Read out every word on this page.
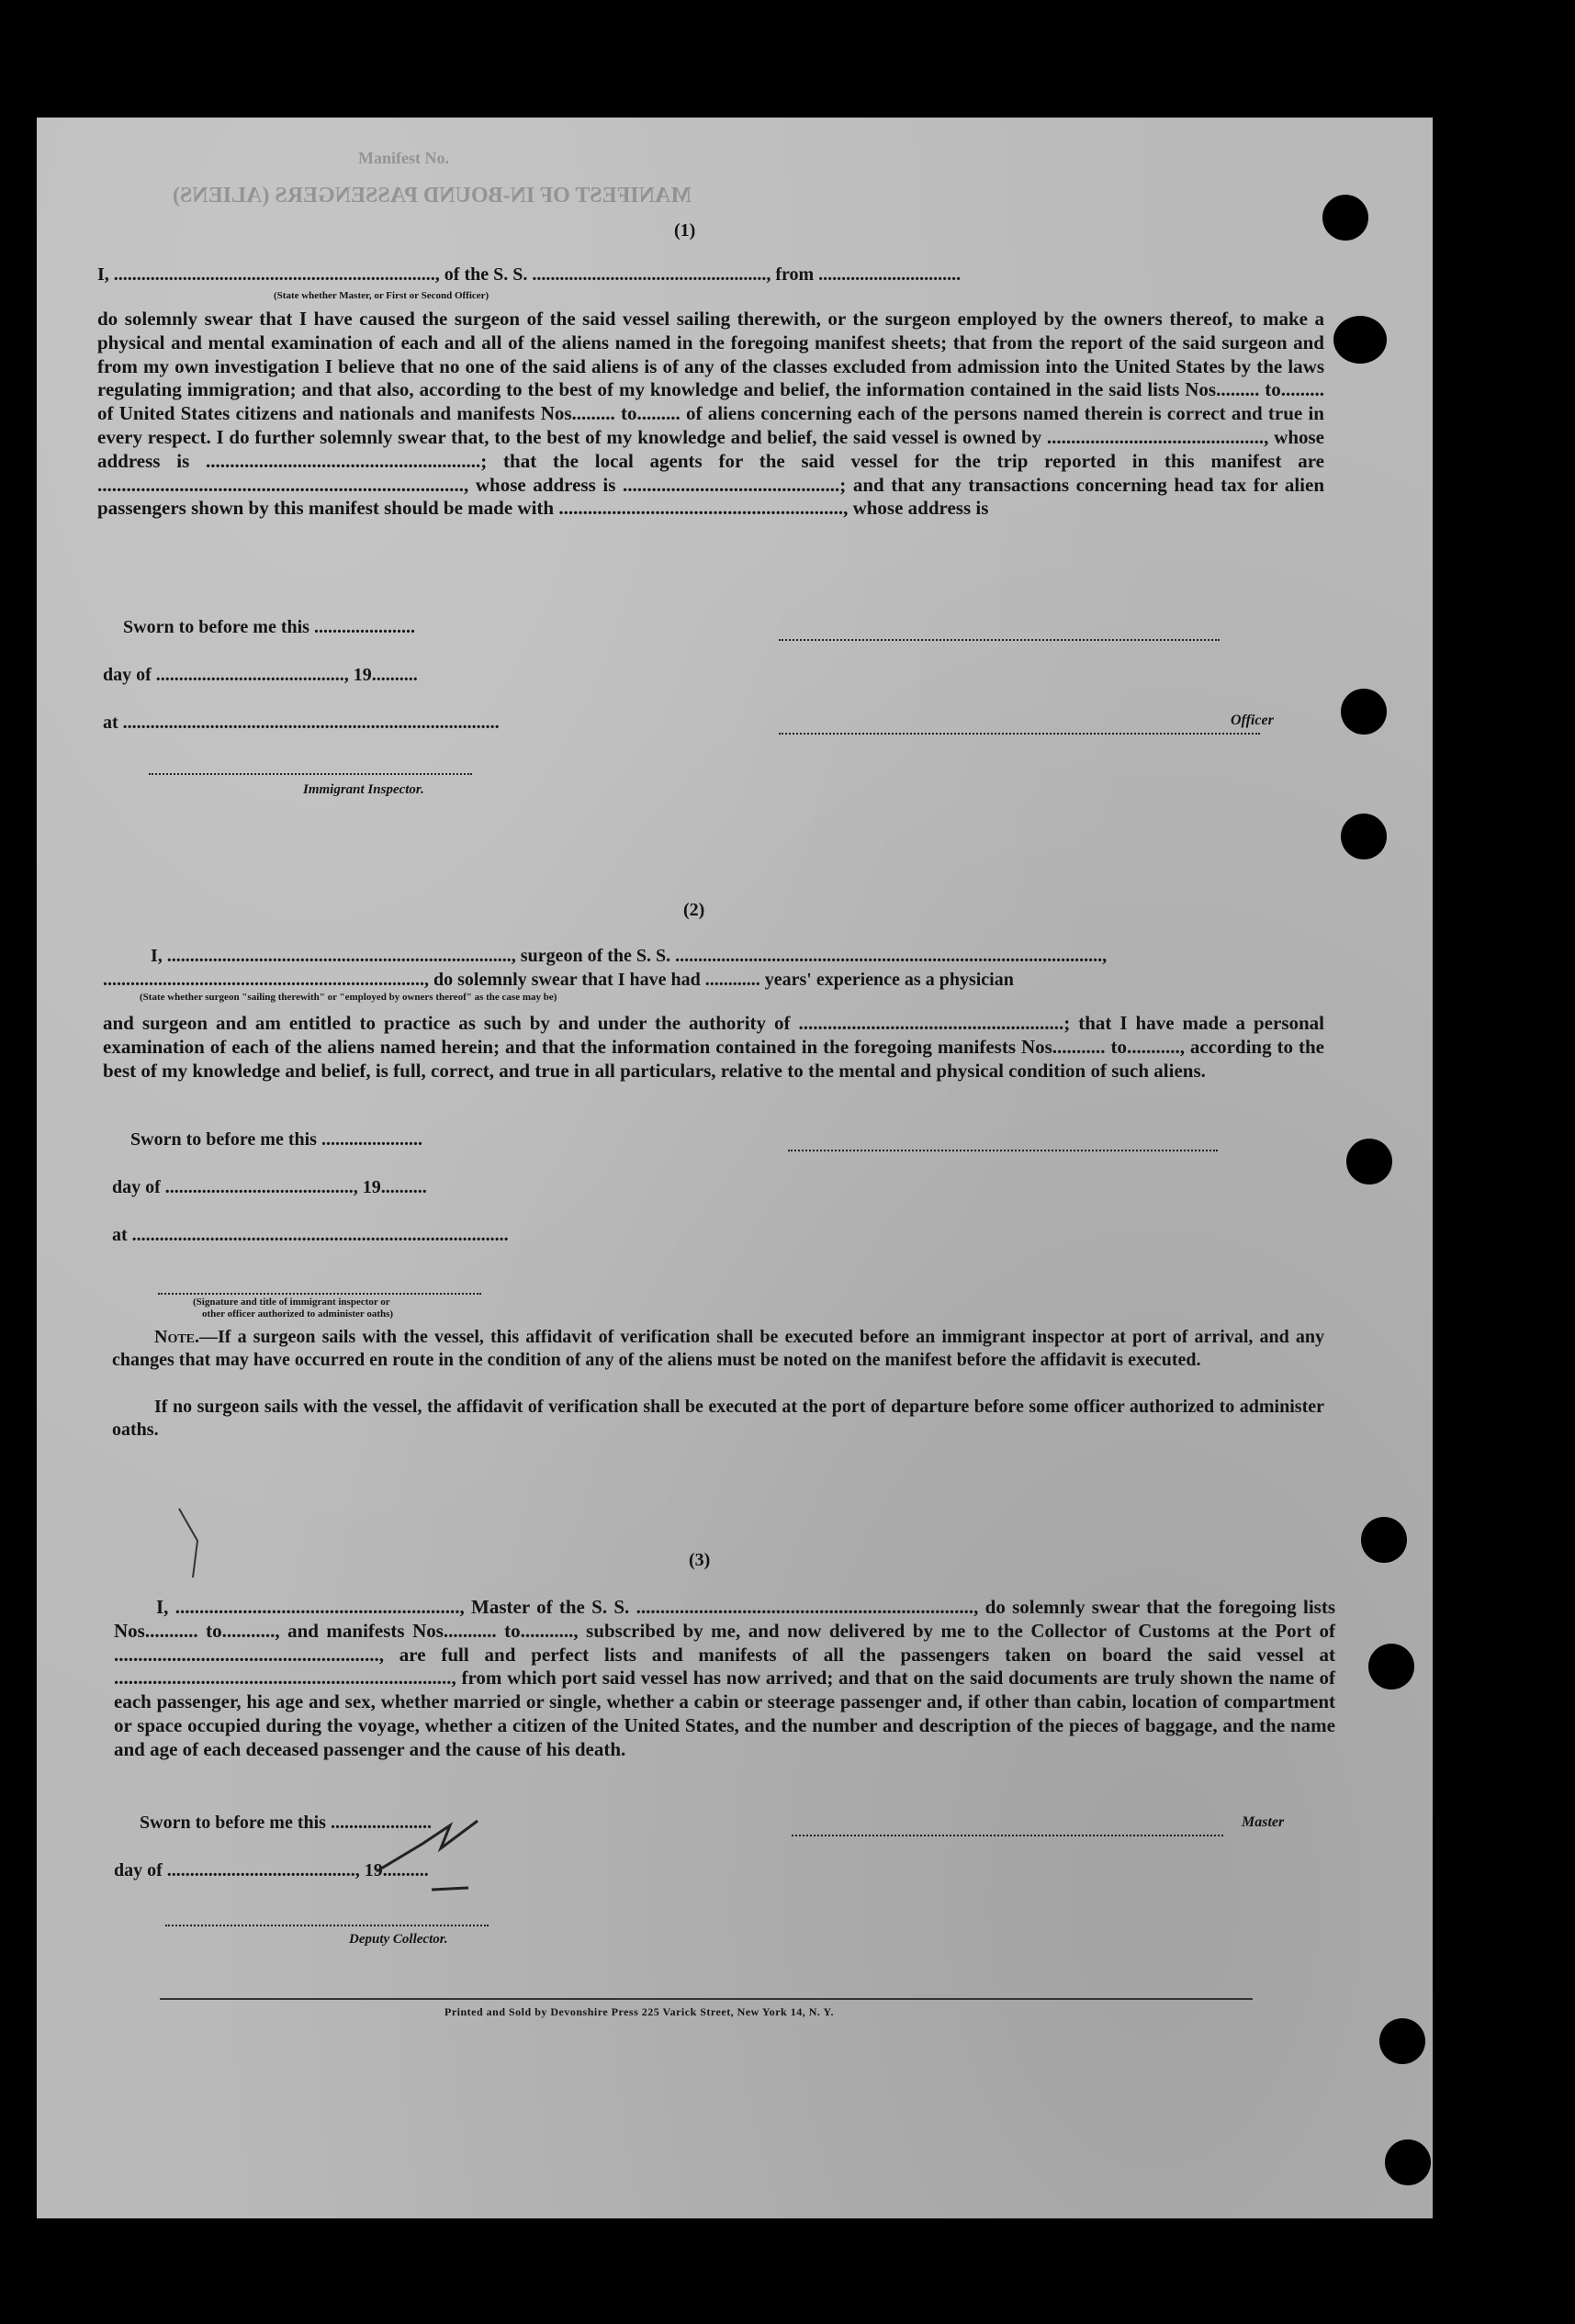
Manifest No.
MANIFEST OF IN-BOUND PASSENGERS (ALIENS)
(1)
I, ......................................................................, of the S. S. ..................................................., from ...............................
(State whether Master, or First or Second Officer)
do solemnly swear that I have caused the surgeon of the said vessel sailing therewith, or the surgeon employed by the owners thereof, to make a physical and mental examination of each and all of the aliens named in the foregoing manifest sheets; that from the report of the said surgeon and from my own investigation I believe that no one of the said aliens is of any of the classes excluded from admission into the United States by the laws regulating immigration; and that also, according to the best of my knowledge and belief, the information contained in the said lists Nos......... to......... of United States citizens and nationals and manifests Nos......... to......... of aliens concerning each of the persons named therein is correct and true in every respect. I do further solemnly swear that, to the best of my knowledge and belief, the said vessel is owned by ............................................., whose address is .........................................................; that the local agents for the said vessel for the trip reported in this manifest are ............................................................................, whose address is .............................................; and that any transactions concerning head tax for alien passengers shown by this manifest should be made with ..........................................................., whose address is
Sworn to before me this ......................
day of ........................................., 19..........
at ..................................................................................	Officer
Immigrant Inspector.
(2)
I, ..........................................................................., surgeon of the S. S. .............................................................................................,
......................................................................, do solemnly swear that I have had ............ years' experience as a physician
(State whether surgeon "sailing therewith" or "employed by owners thereof" as the case may be)
and surgeon and am entitled to practice as such by and under the authority of .......................................................; that I have made a personal examination of each of the aliens named herein; and that the information contained in the foregoing manifests Nos........... to..........., according to the best of my knowledge and belief, is full, correct, and true in all particulars, relative to the mental and physical condition of such aliens.
Sworn to before me this ......................
day of ........................................., 19..........
at ..................................................................................
(Signature and title of immigrant inspector or
other officer authorized to administer oaths)
Note.—If a surgeon sails with the vessel, this affidavit of verification shall be executed before an immigrant inspector at port of arrival, and any changes that may have occurred en route in the condition of any of the aliens must be noted on the manifest before the affidavit is executed.
If no surgeon sails with the vessel, the affidavit of verification shall be executed at the port of departure before some officer authorized to administer oaths.
(3)
I, ..........................................................., Master of the S. S. ......................................................................, do solemnly swear that the foregoing lists Nos........... to..........., and manifests Nos........... to..........., subscribed by me, and now delivered by me to the Collector of Customs at the Port of ......................................................., are full and perfect lists and manifests of all the passengers taken on board the said vessel at ......................................................................, from which port said vessel has now arrived; and that on the said documents are truly shown the name of each passenger, his age and sex, whether married or single, whether a cabin or steerage passenger and, if other than cabin, location of compartment or space occupied during the voyage, whether a citizen of the United States, and the number and description of the pieces of baggage, and the name and age of each deceased passenger and the cause of his death.
Sworn to before me this ......................	Master
day of ........................................., 19..........
Deputy Collector.
Printed and Sold by Devonshire Press 225 Varick Street, New York 14, N. Y.
